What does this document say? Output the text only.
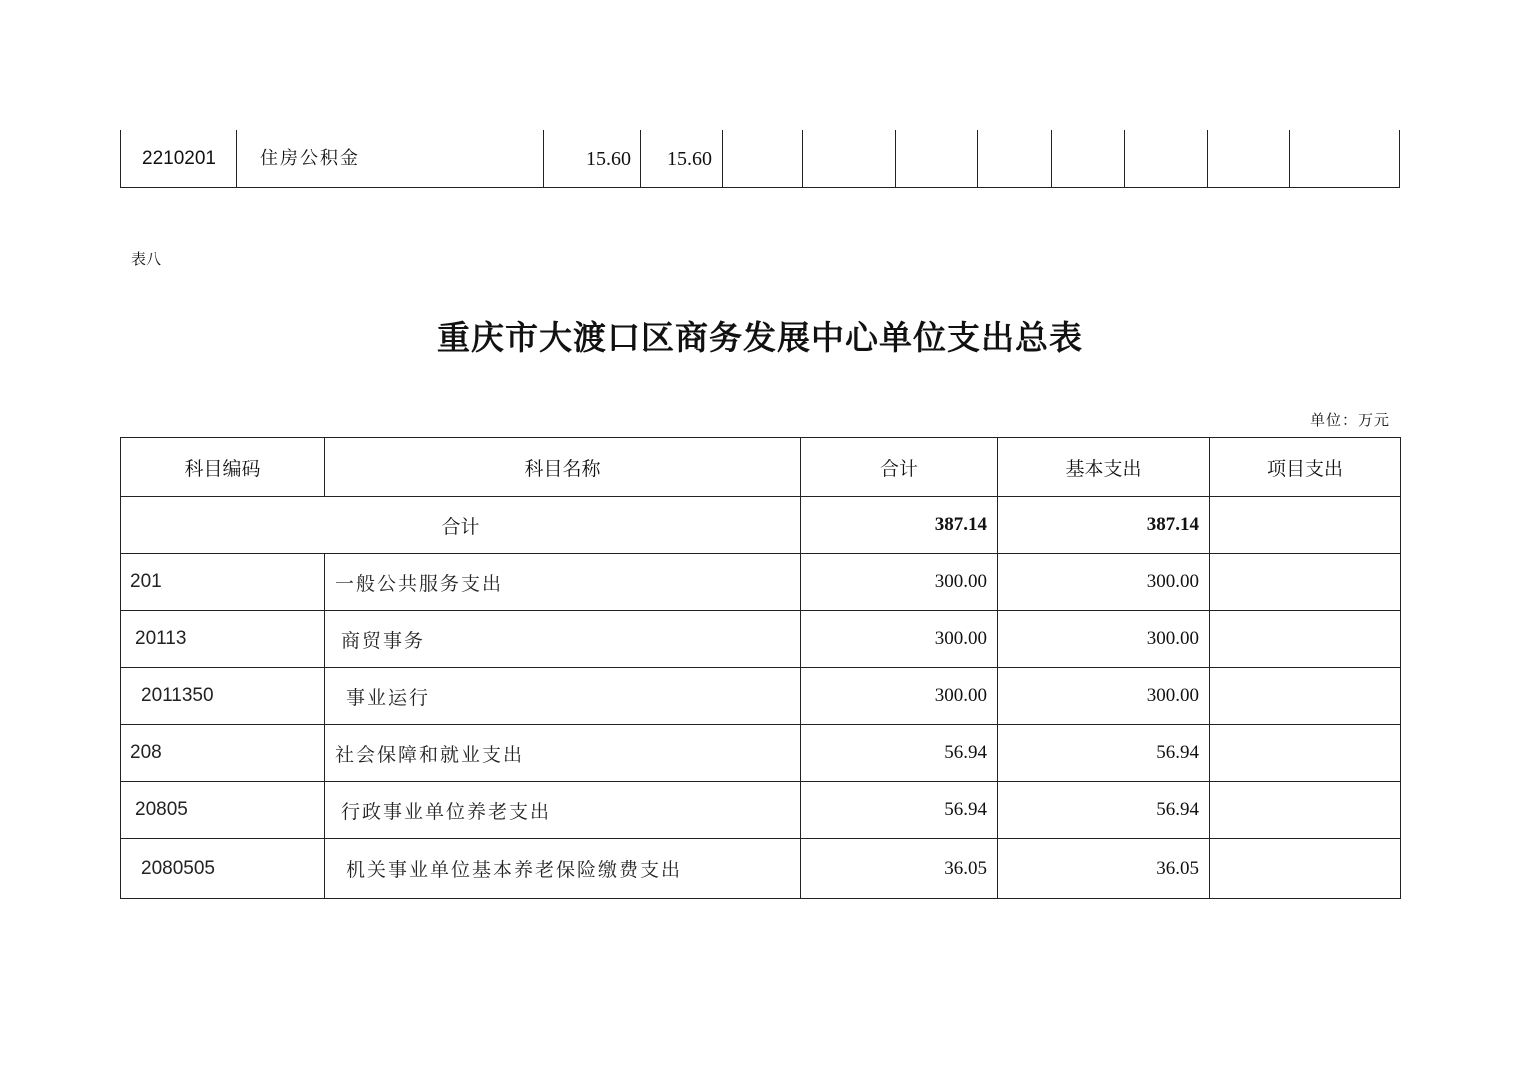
2210201 住房公积金	15.60	15.60
表八
重庆市大渡口区商务发展中心单位支出总表
单位：万元
科目编码	科目名称	合计	基本支出	项目支出
合计		387.14	387.14	
201	一般公共服务支出	300.00	300.00	
20113	商贸事务	300.00	300.00	
2011350	事业运行	300.00	300.00	
208	社会保障和就业支出	56.94	56.94	
20805	行政事业单位养老支出	56.94	56.94	
2080505	机关事业单位基本养老保险缴费支出	36.05	36.05	
